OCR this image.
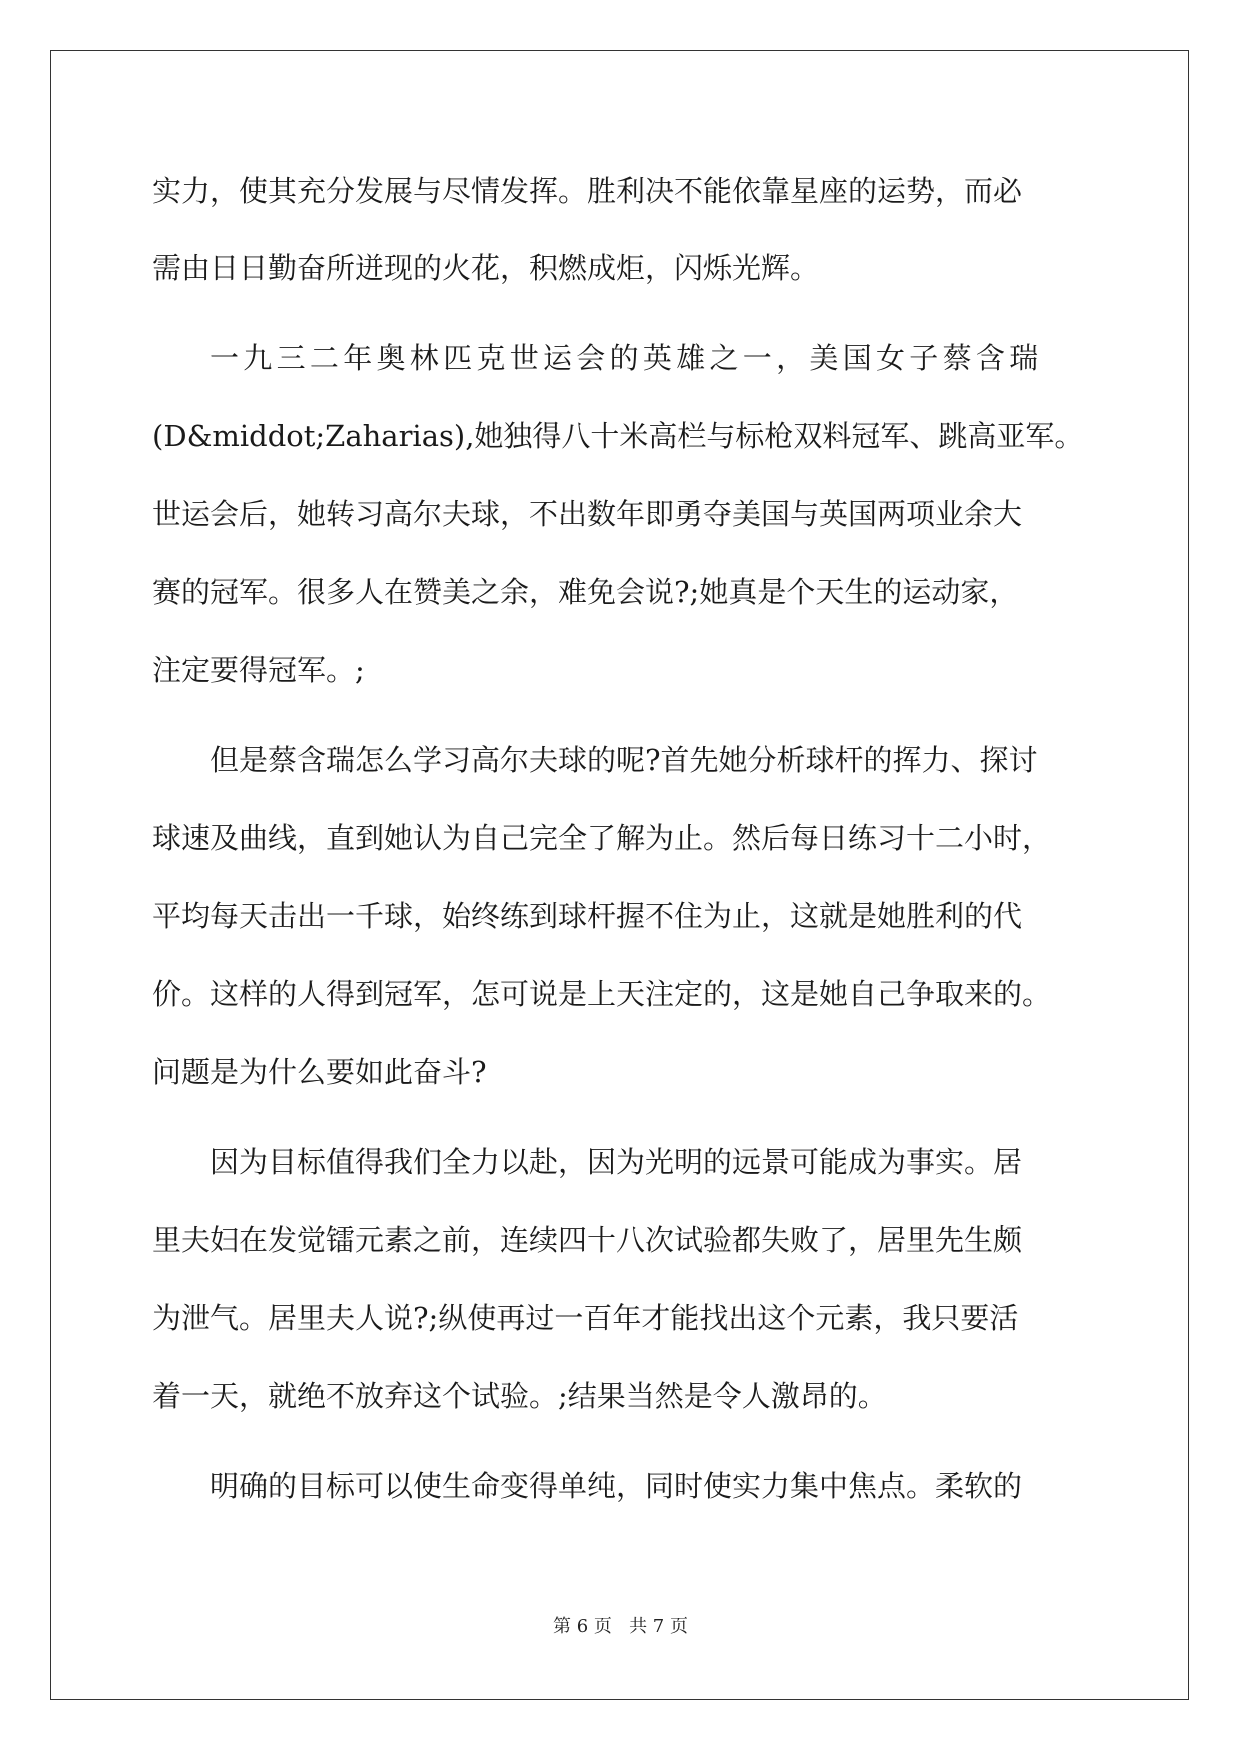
实力，使其充分发展与尽情发挥。胜利决不能依靠星座的运势，而必
需由日日勤奋所迸现的火花，积燃成炬，闪烁光辉。
一九三二年奥林匹克世运会的英雄之一，美国女子蔡含瑞
(D&middot;Zaharias),她独得八十米高栏与标枪双料冠军、跳高亚军。
世运会后，她转习高尔夫球，不出数年即勇夺美国与英国两项业余大
赛的冠军。很多人在赞美之余，难免会说?;她真是个天生的运动家，
注定要得冠军。;
但是蔡含瑞怎么学习高尔夫球的呢?首先她分析球杆的挥力、探讨
球速及曲线，直到她认为自己完全了解为止。然后每日练习十二小时，
平均每天击出一千球，始终练到球杆握不住为止，这就是她胜利的代
价。这样的人得到冠军，怎可说是上天注定的，这是她自己争取来的。
问题是为什么要如此奋斗?
因为目标值得我们全力以赴，因为光明的远景可能成为事实。居
里夫妇在发觉镭元素之前，连续四十八次试验都失败了，居里先生颇
为泄气。居里夫人说?;纵使再过一百年才能找出这个元素，我只要活
着一天，就绝不放弃这个试验。;结果当然是令人激昂的。
明确的目标可以使生命变得单纯，同时使实力集中焦点。柔软的
第 6 页   共 7 页
